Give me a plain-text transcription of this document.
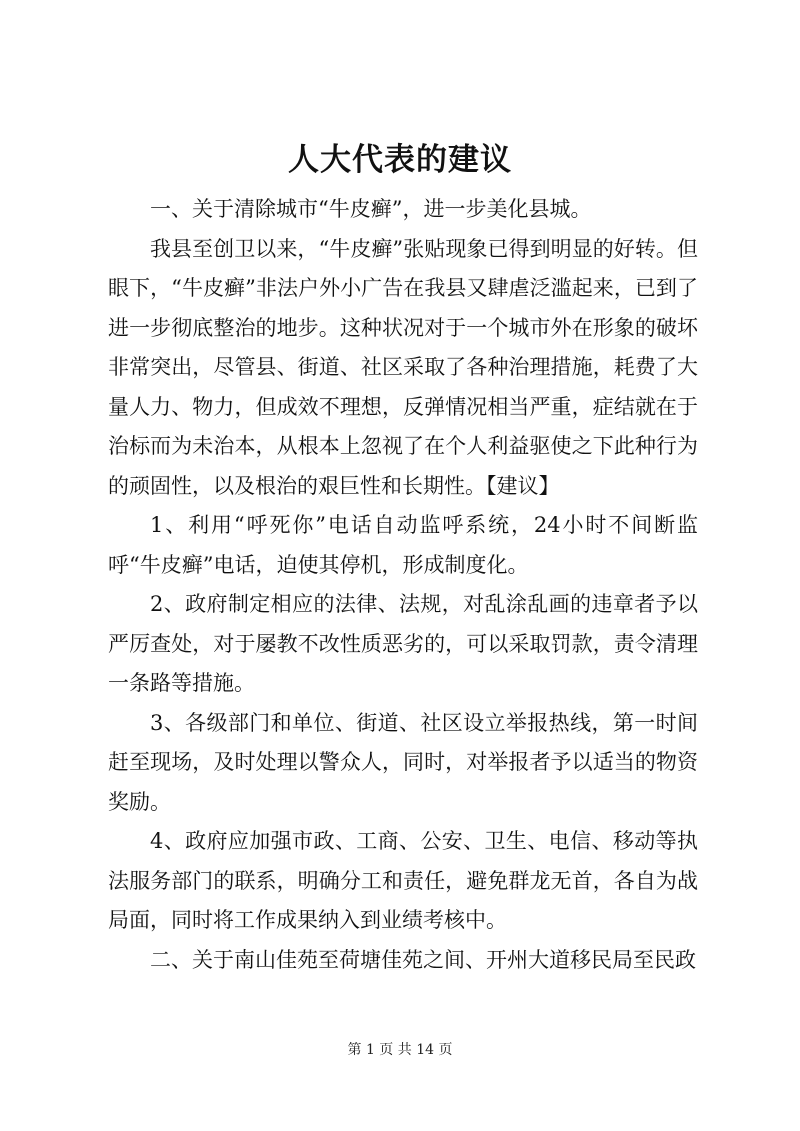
人大代表的建议

一、关于清除城市“牛皮癣”，进一步美化县城。

我县至创卫以来，“牛皮癣”张贴现象已得到明显的好转。但眼下，“牛皮癣”非法户外小广告在我县又肆虐泛滥起来，已到了进一步彻底整治的地步。这种状况对于一个城市外在形象的破坏非常突出，尽管县、街道、社区采取了各种治理措施，耗费了大量人力、物力，但成效不理想，反弹情况相当严重，症结就在于治标而为未治本，从根本上忽视了在个人利益驱使之下此种行为的顽固性，以及根治的艰巨性和长期性。【建议】

1、利用“呼死你”电话自动监呼系统，24小时不间断监呼“牛皮癣”电话，迫使其停机，形成制度化。

2、政府制定相应的法律、法规，对乱涂乱画的违章者予以严厉查处，对于屡教不改性质恶劣的，可以采取罚款，责令清理一条路等措施。

3、各级部门和单位、街道、社区设立举报热线，第一时间赶至现场，及时处理以警众人，同时，对举报者予以适当的物资奖励。

4、政府应加强市政、工商、公安、卫生、电信、移动等执法服务部门的联系，明确分工和责任，避免群龙无首，各自为战局面，同时将工作成果纳入到业绩考核中。

二、关于南山佳苑至荷塘佳苑之间、开州大道移民局至民政

第 1 页 共 14 页
